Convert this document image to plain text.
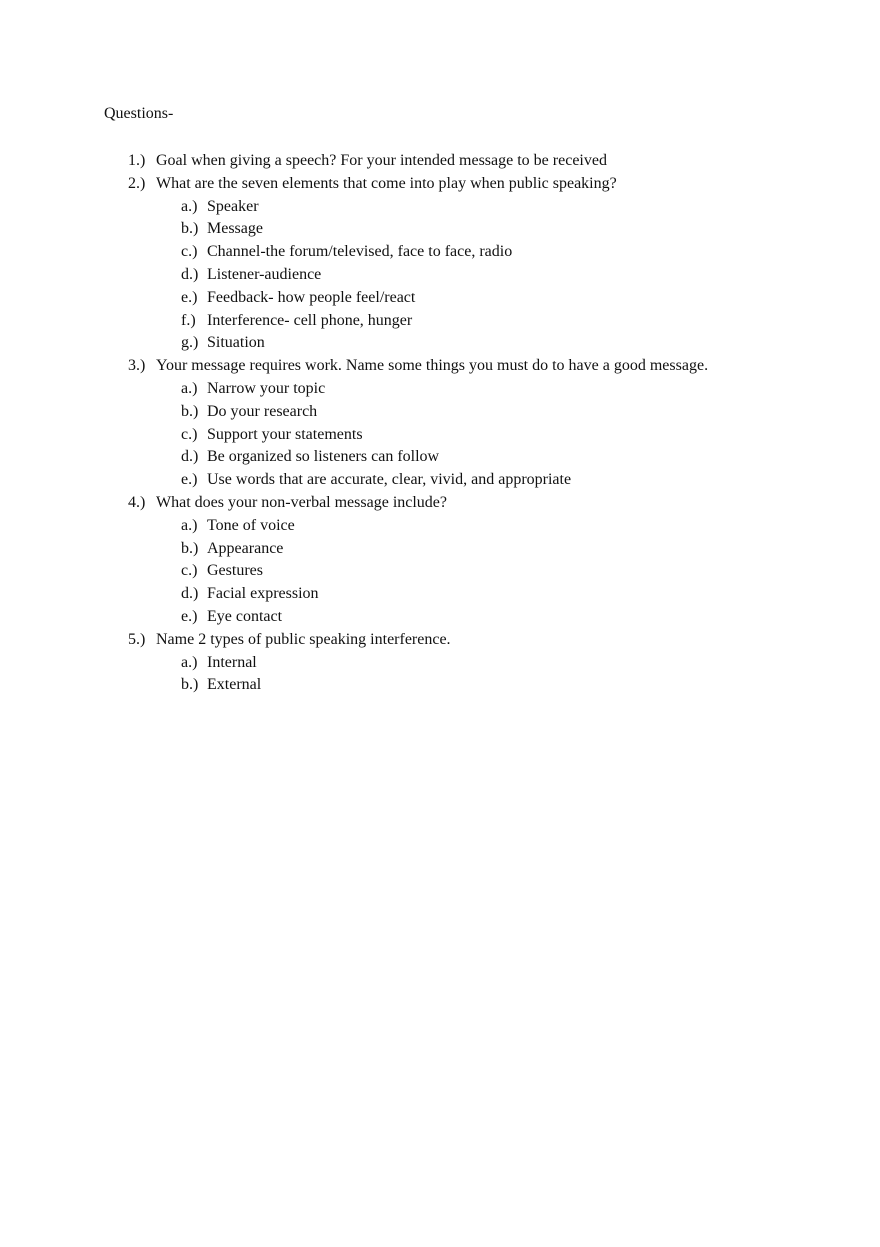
Questions-
1.) Goal when giving a speech? For your intended message to be received
2.) What are the seven elements that come into play when public speaking?
a.) Speaker
b.) Message
c.) Channel-the forum/televised, face to face, radio
d.) Listener-audience
e.) Feedback- how people feel/react
f.) Interference- cell phone, hunger
g.) Situation
3.) Your message requires work. Name some things you must do to have a good message.
a.) Narrow your topic
b.) Do your research
c.) Support your statements
d.) Be organized so listeners can follow
e.) Use words that are accurate, clear, vivid, and appropriate
4.) What does your non-verbal message include?
a.) Tone of voice
b.) Appearance
c.) Gestures
d.) Facial expression
e.) Eye contact
5.) Name 2 types of public speaking interference.
a.) Internal
b.) External
